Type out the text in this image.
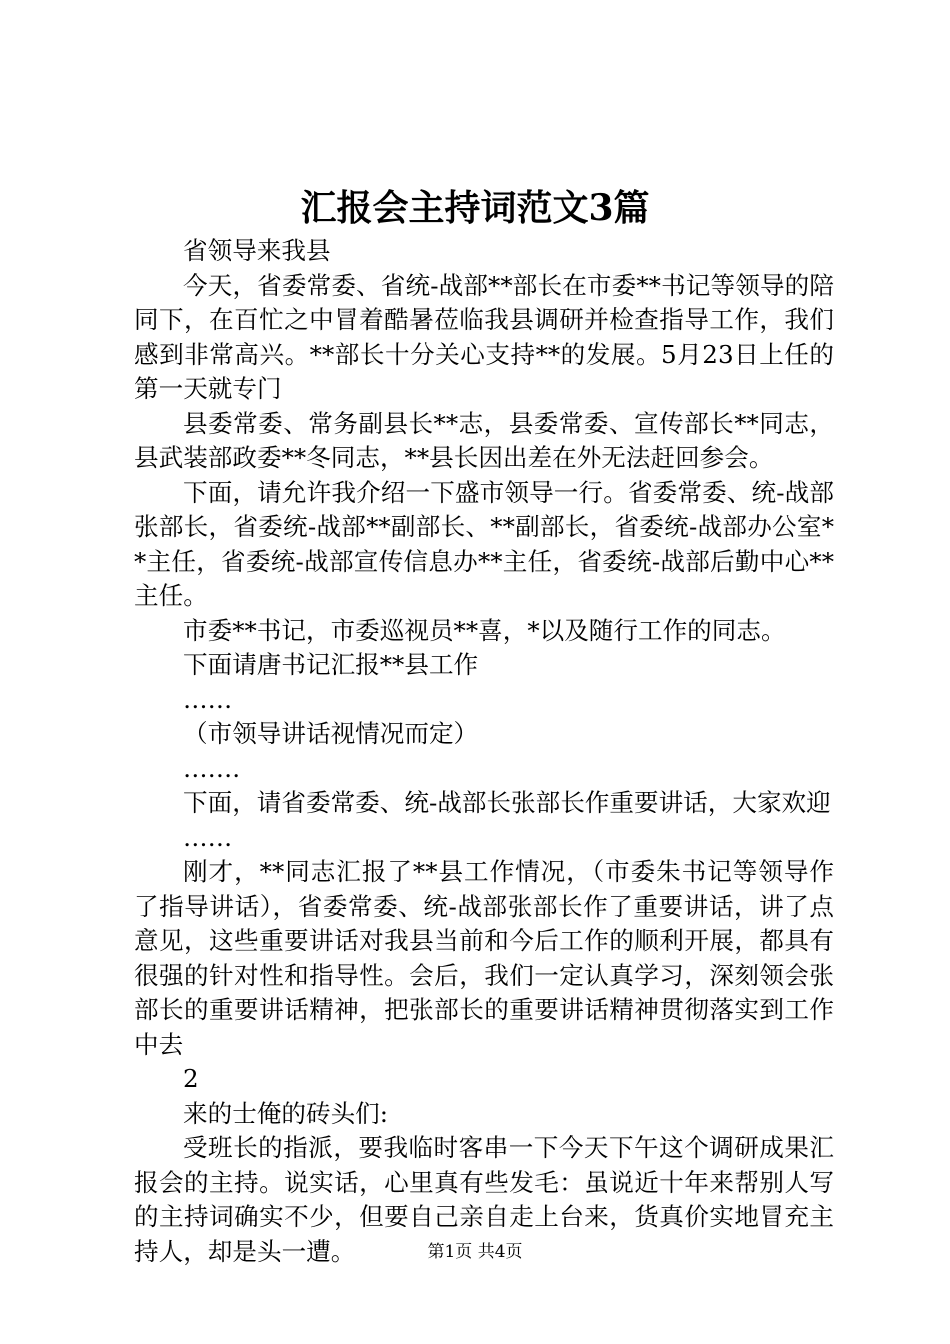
汇报会主持词范文3篇

省领导来我县

今天，省委常委、省统-战部**部长在市委**书记等领导的陪同下，在百忙之中冒着酷暑莅临我县调研并检查指导工作，我们感到非常高兴。**部长十分关心支持**的发展。5月23日上任的第一天就专门

县委常委、常务副县长**志，县委常委、宣传部长**同志，县武装部政委**冬同志，**县长因出差在外无法赶回参会。

下面，请允许我介绍一下盛市领导一行。省委常委、统-战部张部长，省委统-战部**副部长、**副部长，省委统-战部办公室**主任，省委统-战部宣传信息办**主任，省委统-战部后勤中心**主任。

市委**书记，市委巡视员**喜，*以及随行工作的同志。

下面请唐书记汇报**县工作

……

（市领导讲话视情况而定）

…….

下面，请省委常委、统-战部长张部长作重要讲话，大家欢迎

……

刚才，**同志汇报了**县工作情况，（市委朱书记等领导作了指导讲话），省委常委、统-战部张部长作了重要讲话，讲了点意见，这些重要讲话对我县当前和今后工作的顺利开展，都具有很强的针对性和指导性。会后，我们一定认真学习，深刻领会张部长的重要讲话精神，把张部长的重要讲话精神贯彻落实到工作中去

2

来的士俺的砖头们:

受班长的指派，要我临时客串一下今天下午这个调研成果汇报会的主持。说实话，心里真有些发毛：虽说近十年来帮别人写的主持词确实不少，但要自己亲自走上台来，货真价实地冒充主持人，却是头一遭。	第1页 共4页
